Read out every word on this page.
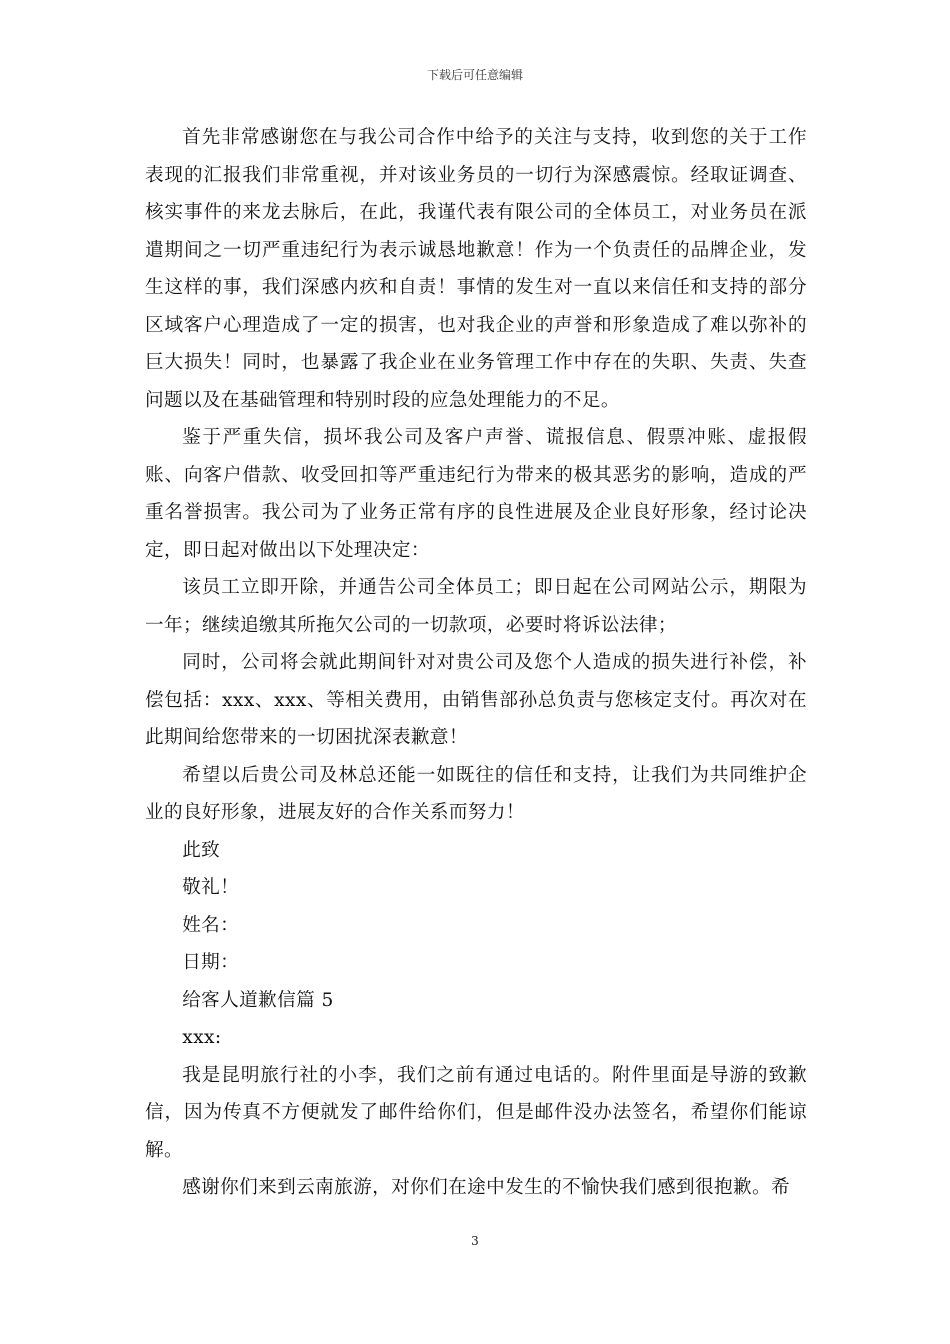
下载后可任意编辑

首先非常感谢您在与我公司合作中给予的关注与支持，收到您的关于工作表现的汇报我们非常重视，并对该业务员的一切行为深感震惊。经取证调查、核实事件的来龙去脉后，在此，我谨代表有限公司的全体员工，对业务员在派遣期间之一切严重违纪行为表示诚恳地歉意！作为一个负责任的品牌企业，发生这样的事，我们深感内疚和自责！事情的发生对一直以来信任和支持的部分区域客户心理造成了一定的损害，也对我企业的声誉和形象造成了难以弥补的巨大损失！同时，也暴露了我企业在业务管理工作中存在的失职、失责、失查问题以及在基础管理和特别时段的应急处理能力的不足。

鉴于严重失信，损坏我公司及客户声誉、谎报信息、假票冲账、虚报假账、向客户借款、收受回扣等严重违纪行为带来的极其恶劣的影响，造成的严重名誉损害。我公司为了业务正常有序的良性进展及企业良好形象，经讨论决定，即日起对做出以下处理决定：

该员工立即开除，并通告公司全体员工；即日起在公司网站公示，期限为一年；继续追缴其所拖欠公司的一切款项，必要时将诉讼法律；

同时，公司将会就此期间针对对贵公司及您个人造成的损失进行补偿，补偿包括：xxx、xxx、等相关费用，由销售部孙总负责与您核定支付。再次对在此期间给您带来的一切困扰深表歉意！

希望以后贵公司及林总还能一如既往的信任和支持，让我们为共同维护企业的良好形象，进展友好的合作关系而努力！

此致

敬礼！

姓名：

日期：

给客人道歉信篇 5

xxx:

我是昆明旅行社的小李，我们之前有通过电话的。附件里面是导游的致歉信，因为传真不方便就发了邮件给你们，但是邮件没办法签名，希望你们能谅解。

感谢你们来到云南旅游，对你们在途中发生的不愉快我们感到很抱歉。希

3
